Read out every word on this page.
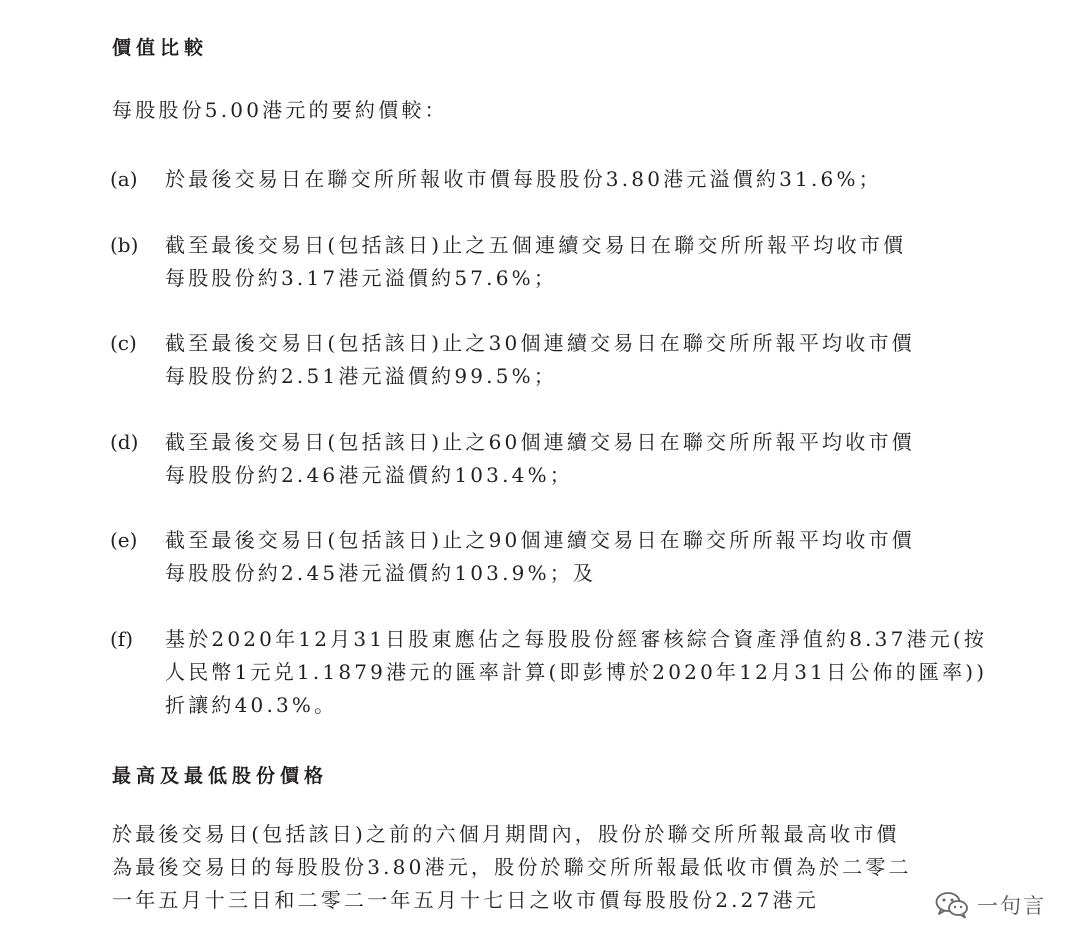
價值比較
每股股份5.00港元的要約價較：
(a)	於最後交易日在聯交所所報收市價每股股份3.80港元溢價約31.6%；
(b)	截至最後交易日(包括該日)止之五個連續交易日在聯交所所報平均收市價
每股股份約3.17港元溢價約57.6%；
(c)	截至最後交易日(包括該日)止之30個連續交易日在聯交所所報平均收市價
每股股份約2.51港元溢價約99.5%；
(d)	截至最後交易日(包括該日)止之60個連續交易日在聯交所所報平均收市價
每股股份約2.46港元溢價約103.4%；
(e)	截至最後交易日(包括該日)止之90個連續交易日在聯交所所報平均收市價
每股股份約2.45港元溢價約103.9%；及
(f)	基於2020年12月31日股東應佔之每股股份經審核綜合資產淨值約8.37港元(按
人民幣1元兑1.1879港元的匯率計算(即彭博於2020年12月31日公佈的匯率))
折讓約40.3%。
最高及最低股份價格
於最後交易日(包括該日)之前的六個月期間內，股份於聯交所所報最高收市價
為最後交易日的每股股份3.80港元，股份於聯交所所報最低收市價為於二零二
一年五月十三日和二零二一年五月十七日之收市價每股股份2.27港元	一句言
